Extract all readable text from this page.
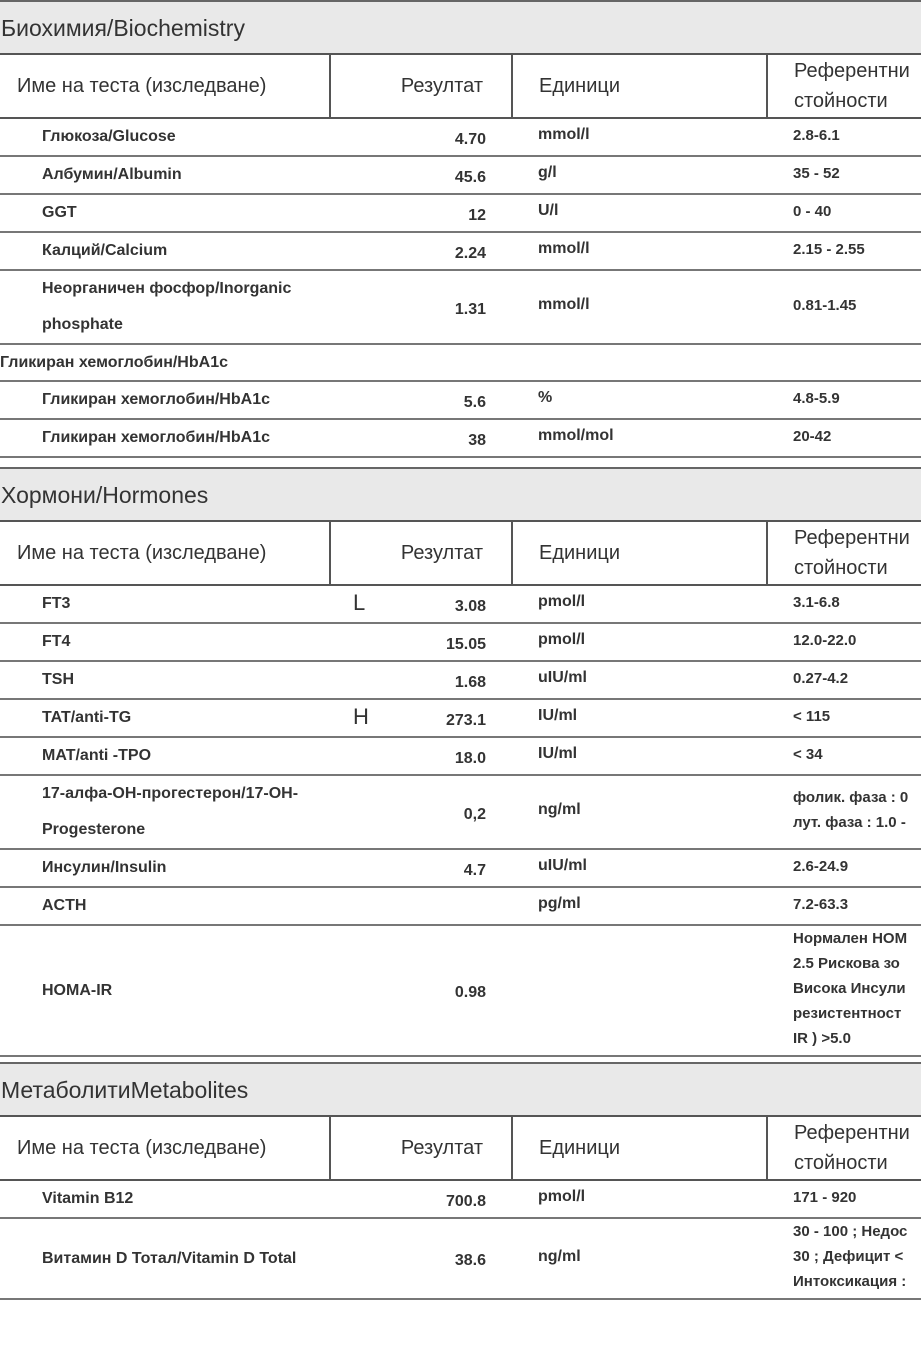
Биохимия/Biochemistry
Име на теста (изследване)	Резултат	Единици	Референтни
стойности
Глюкоза/Glucose	4.70	mmol/l	2.8-6.1
Албумин/Albumin	45.6	g/l	35 - 52
GGT	12	U/l	0 - 40
Калций/Calcium	2.24	mmol/l	2.15 - 2.55
Неорганичен фосфор/Inorganic phosphate	1.31	mmol/l	0.81-1.45
Гликиран хемоглобин/HbA1c			
Гликиран хемоглобин/HbA1c	5.6	%	4.8-5.9
Гликиран хемоглобин/HbA1c	38	mmol/mol	20-42
Хормони/Hormones
Име на теста (изследване)	Резултат	Единици	Референтни
стойности
FT3	L 3.08	pmol/l	3.1-6.8
FT4	15.05	pmol/l	12.0-22.0
TSH	1.68	uIU/ml	0.27-4.2
TAT/anti-TG	H 273.1	IU/ml	< 115
MAT/anti -TPO	18.0	IU/ml	< 34
17-алфа-OH-прогестерон/17-OH-Progesterone	0,2	ng/ml	фолик. фаза : 0
лут. фаза : 1.0 -
Инсулин/Insulin	4.7	uIU/ml	2.6-24.9
ACTH		pg/ml	7.2-63.3
HOMA-IR	0.98		Нормален HOM
2.5 Рискова зо
Висока Инсули
резистентност
IR ) >5.0
МетаболитиMetabolites
Име на теста (изследване)	Резултат	Единици	Референтни
стойности
Vitamin B12	700.8	pmol/l	171 - 920
Витамин D Тотал/Vitamin D Total	38.6	ng/ml	30 - 100 ; Недос
30 ; Дефицит <
Интоксикация :
